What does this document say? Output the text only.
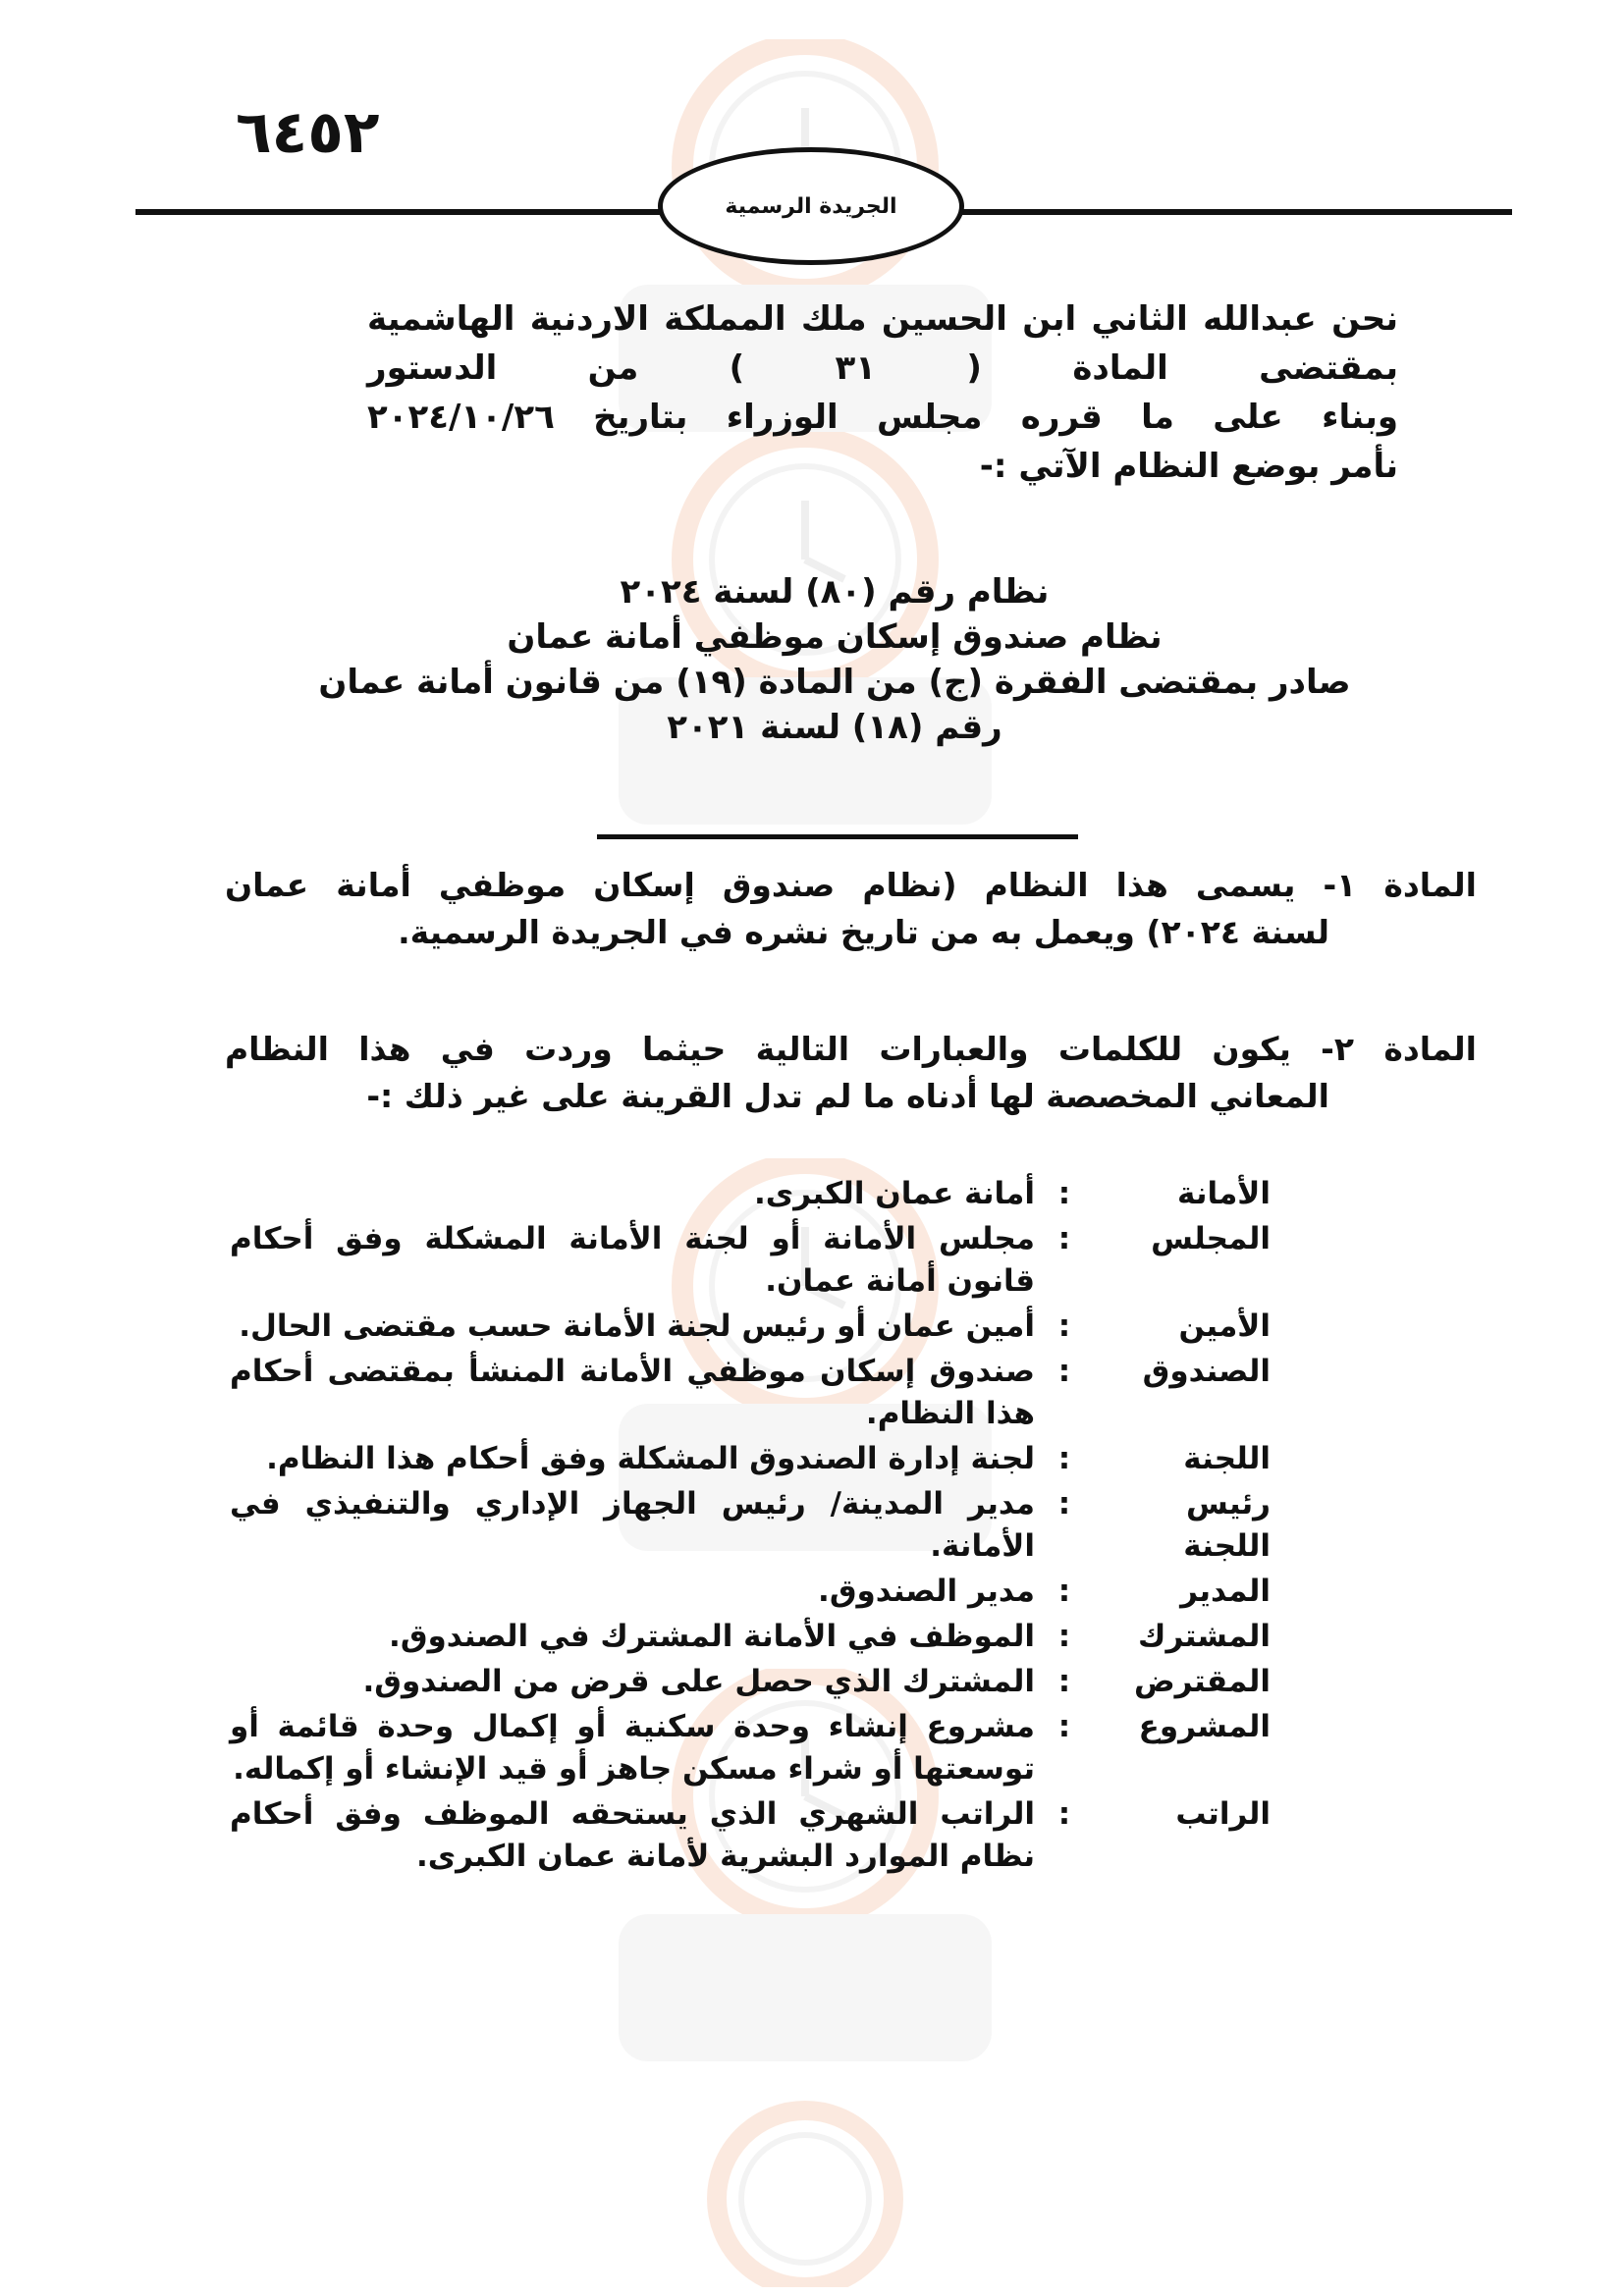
٦٤٥٢
الجريدة الرسمية
نحن عبدالله الثاني ابن الحسين ملك المملكة الاردنية الهاشمية
بمقتضى المادة ( ٣١ ) من الدستور
وبناء على ما قرره مجلس الوزراء بتاريخ ٢٠٢٤/١٠/٢٦
نأمر بوضع النظام الآتي :-
نظام رقم (٨٠) لسنة ٢٠٢٤
نظام صندوق إسكان موظفي أمانة عمان
صادر بمقتضى الفقرة (ج) من المادة (١٩) من قانون أمانة عمان
رقم (١٨) لسنة ٢٠٢١
المادة ١- يسمى هذا النظام (نظام صندوق إسكان موظفي أمانة عمان
لسنة ٢٠٢٤) ويعمل به من تاريخ نشره في الجريدة الرسمية.
المادة ٢- يكون للكلمات والعبارات التالية حيثما وردت في هذا النظام
المعاني المخصصة لها أدناه ما لم تدل القرينة على غير ذلك :-
الأمانة
:
أمانة عمان الكبرى.
المجلس
:
مجلس الأمانة أو لجنة الأمانة المشكلة وفق أحكام قانون أمانة عمان.
الأمين
:
أمين عمان أو رئيس لجنة الأمانة حسب مقتضى الحال.
الصندوق
:
صندوق إسكان موظفي الأمانة المنشأ بمقتضى أحكام هذا النظام.
اللجنة
:
لجنة إدارة الصندوق المشكلة وفق أحكام هذا النظام.
رئيس اللجنة
:
مدير المدينة/ رئيس الجهاز الإداري والتنفيذي في الأمانة.
المدير
:
مدير الصندوق.
المشترك
:
الموظف في الأمانة المشترك في الصندوق.
المقترض
:
المشترك الذي حصل على قرض من الصندوق.
المشروع
:
مشروع إنشاء وحدة سكنية أو إكمال وحدة قائمة أو توسعتها أو شراء مسكن جاهز أو قيد الإنشاء أو إكماله.
الراتب
:
الراتب الشهري الذي يستحقه الموظف وفق أحكام نظام الموارد البشرية لأمانة عمان الكبرى.
